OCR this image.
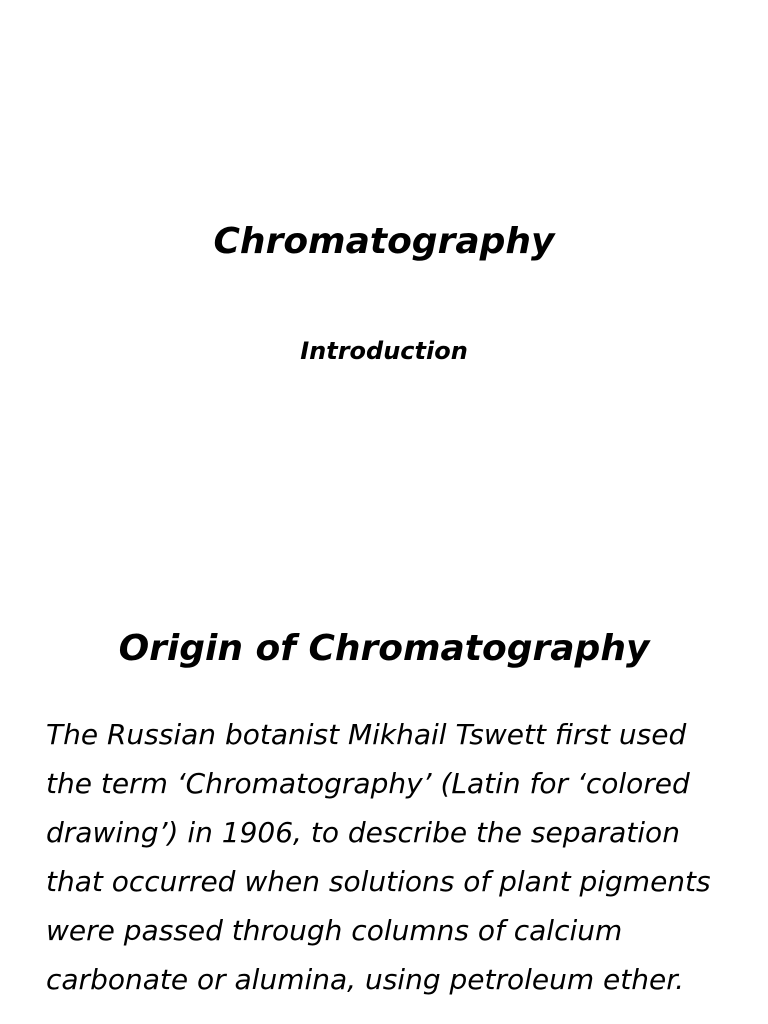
Chromatography
Introduction
Origin of Chromatography

The Russian botanist Mikhail Tswett first used
the term ‘Chromatography’ (Latin for ‘colored
drawing’) in 1906, to describe the separation
that occurred when solutions of plant pigments
were passed through columns of calcium
carbonate or alumina, using petroleum ether.
